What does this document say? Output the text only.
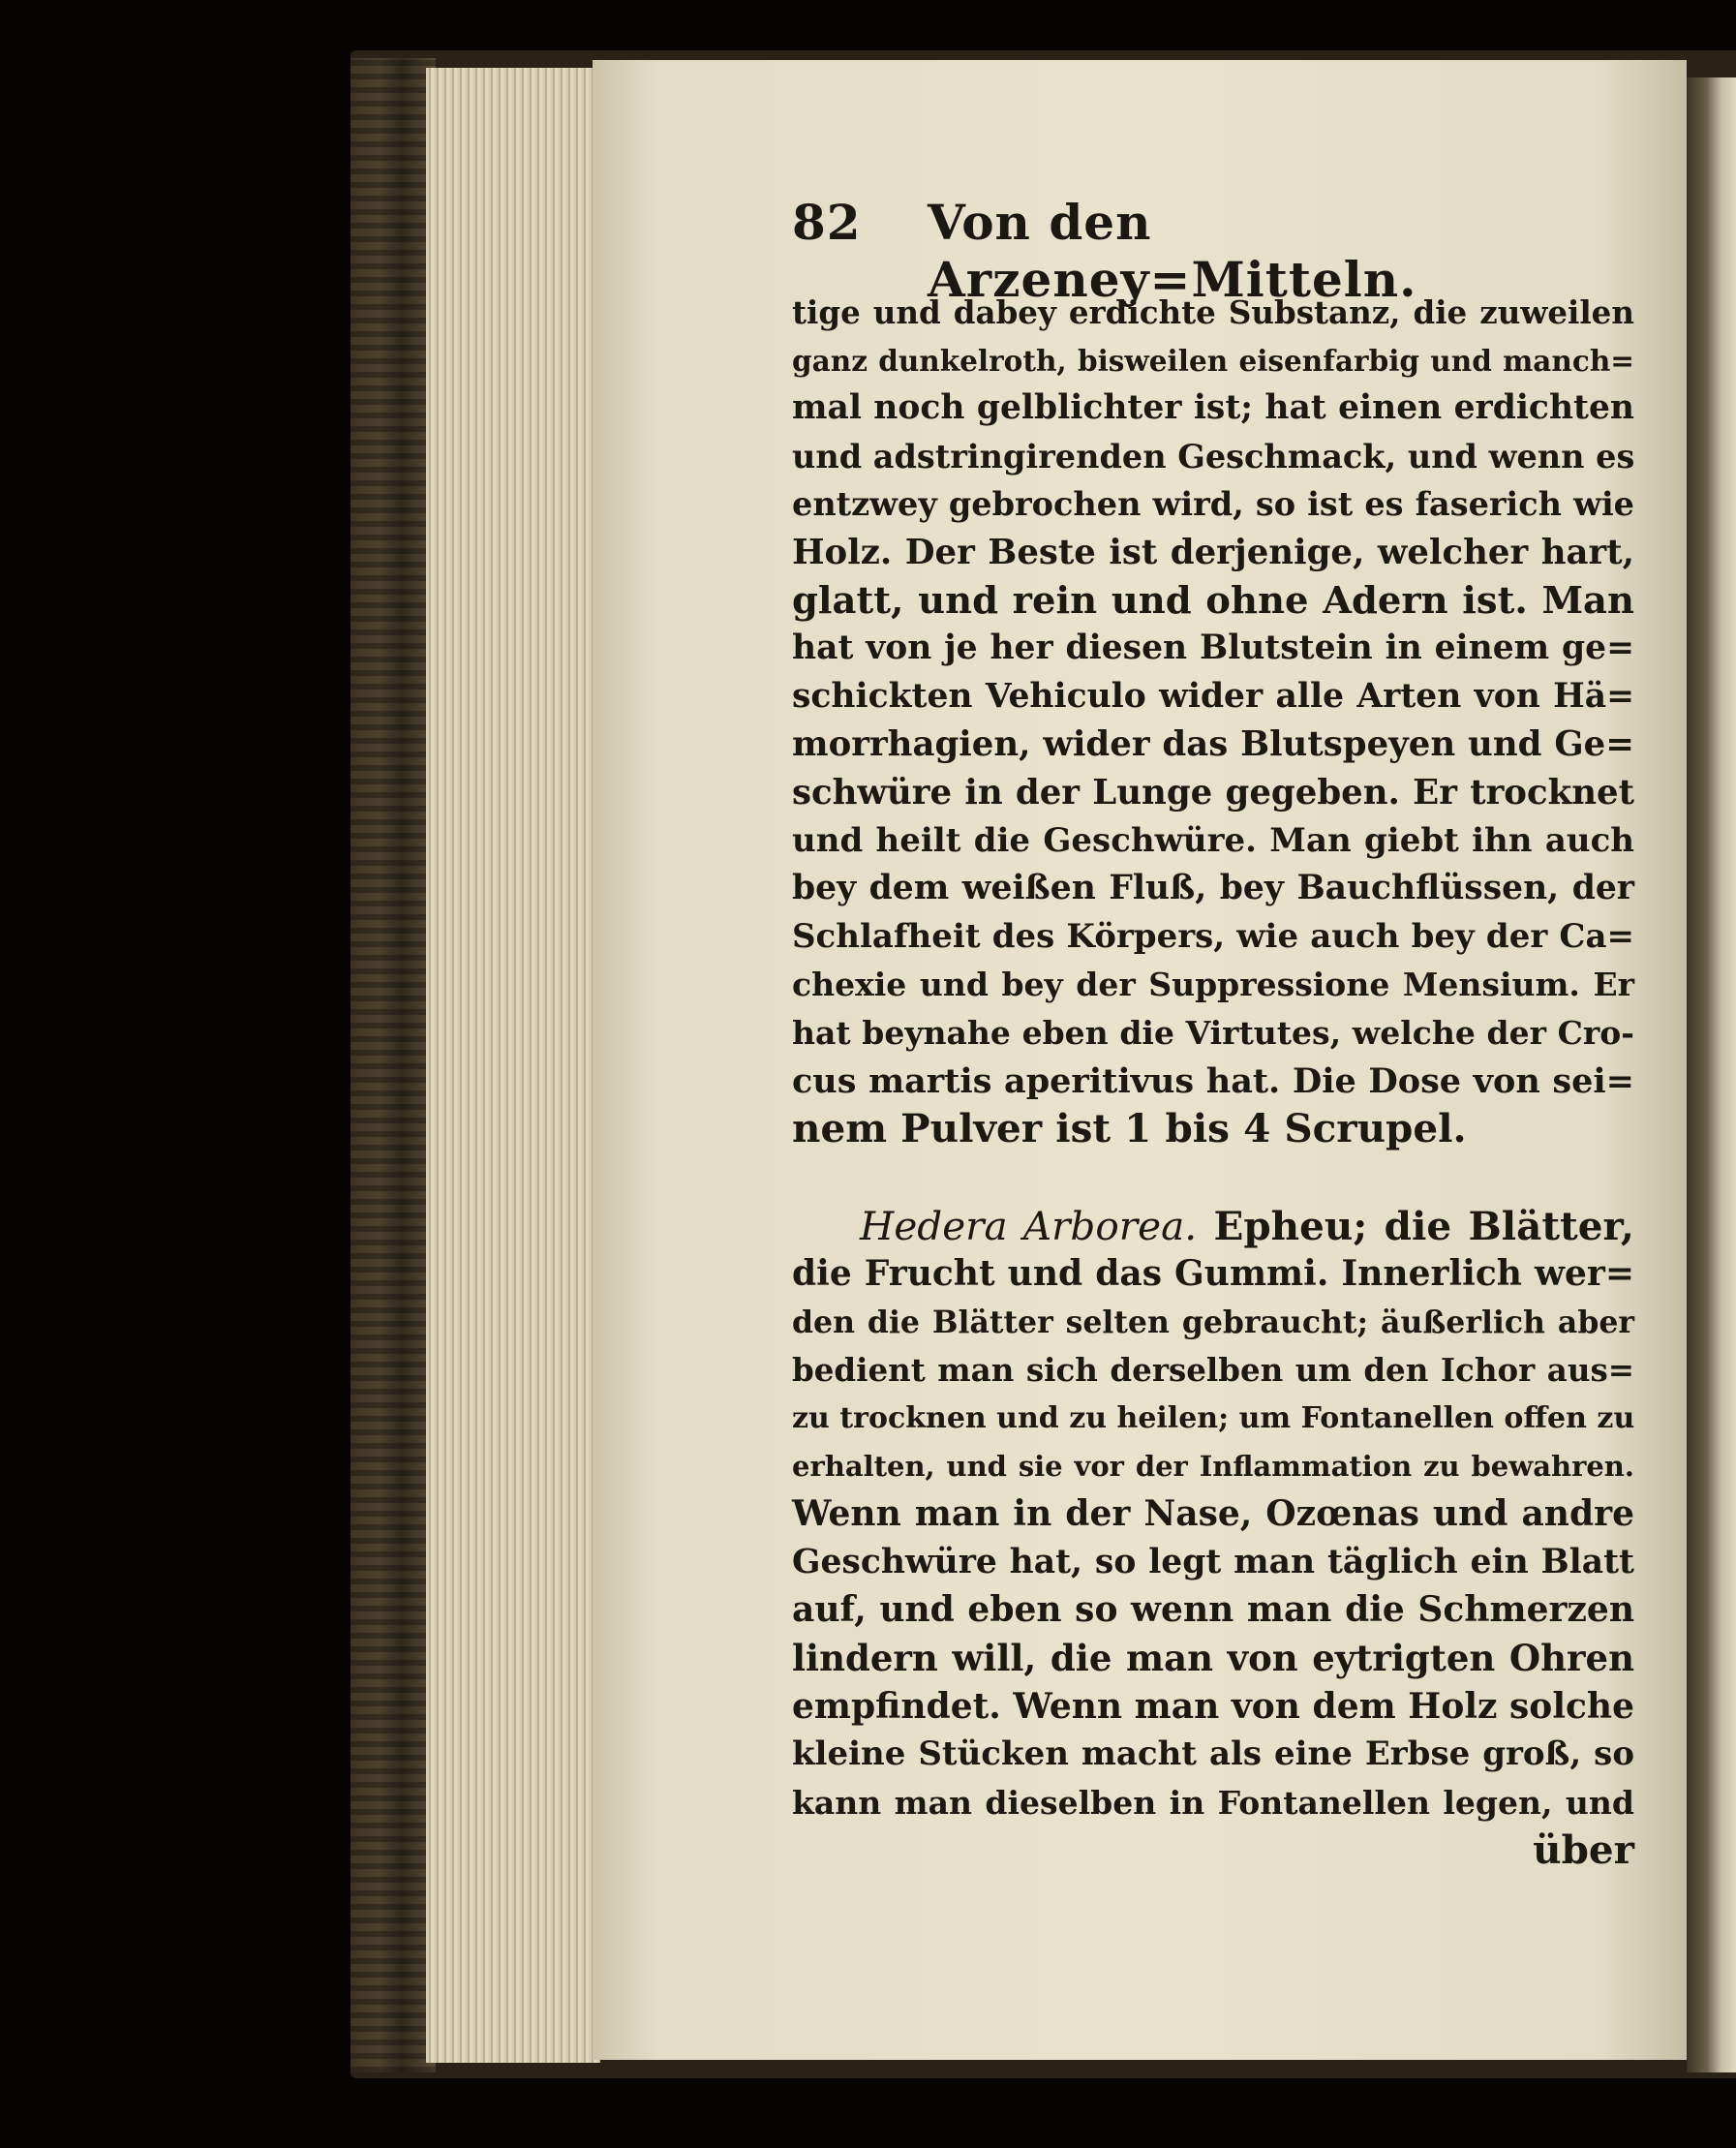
82 Von den Arzeney=Mitteln.
tige und dabey erdichte Substanz, die zuweilen
ganz dunkelroth, bisweilen eisenfarbig und manch=
mal noch gelblichter ist; hat einen erdichten
und adstringirenden Geschmack, und wenn es
entzwey gebrochen wird, so ist es faserich wie
Holz. Der Beste ist derjenige, welcher hart,
glatt, und rein und ohne Adern ist. Man
hat von je her diesen Blutstein in einem ge=
schickten Vehiculo wider alle Arten von Hä=
morrhagien, wider das Blutspeyen und Ge=
schwüre in der Lunge gegeben. Er trocknet
und heilt die Geschwüre. Man giebt ihn auch
bey dem weißen Fluß, bey Bauchflüssen, der
Schlafheit des Körpers, wie auch bey der Ca=
chexie und bey der Suppressione Mensium. Er
hat beynahe eben die Virtutes, welche der Cro-
cus martis aperitivus hat. Die Dose von sei=
nem Pulver ist 1 bis 4 Scrupel.
Hedera Arborea. Epheu; die Blätter,
die Frucht und das Gummi. Innerlich wer=
den die Blätter selten gebraucht; äußerlich aber
bedient man sich derselben um den Ichor aus=
zu trocknen und zu heilen; um Fontanellen offen zu
erhalten, und sie vor der Inflammation zu bewahren.
Wenn man in der Nase, Ozœnas und andre
Geschwüre hat, so legt man täglich ein Blatt
auf, und eben so wenn man die Schmerzen
lindern will, die man von eytrigten Ohren
empfindet. Wenn man von dem Holz solche
kleine Stücken macht als eine Erbse groß, so
kann man dieselben in Fontanellen legen, und
über
